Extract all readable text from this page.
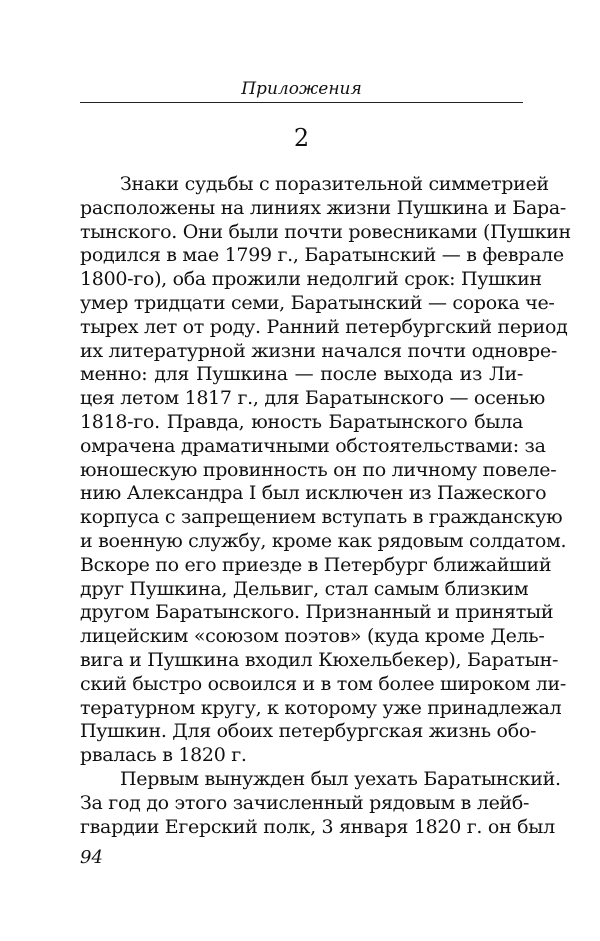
Приложения
2
Знаки судьбы с поразительной симметрией
расположены на линиях жизни Пушкина и Бара-
тынского. Они были почти ровесниками (Пушкин
родился в мае 1799 г., Баратынский — в феврале
1800-го), оба прожили недолгий срок: Пушкин
умер тридцати семи, Баратынский — сорока че-
тырех лет от роду. Ранний петербургский период
их литературной жизни начался почти одновре-
менно: для Пушкина — после выхода из Ли-
цея летом 1817 г., для Баратынского — осенью
1818-го. Правда, юность Баратынского была
омрачена драматичными обстоятельствами: за
юношескую провинность он по личному повеле-
нию Александра I был исключен из Пажеского
корпуса с запрещением вступать в гражданскую
и военную службу, кроме как рядовым солдатом.
Вскоре по его приезде в Петербург ближайший
друг Пушкина, Дельвиг, стал самым близким
другом Баратынского. Признанный и принятый
лицейским «союзом поэтов» (куда кроме Дель-
вига и Пушкина входил Кюхельбекер), Баратын-
ский быстро освоился и в том более широком ли-
тературном кругу, к которому уже принадлежал
Пушкин. Для обоих петербургская жизнь обо-
рвалась в 1820 г.
Первым вынужден был уехать Баратынский.
За год до этого зачисленный рядовым в лейб-
гвардии Егерский полк, 3 января 1820 г. он был
94
